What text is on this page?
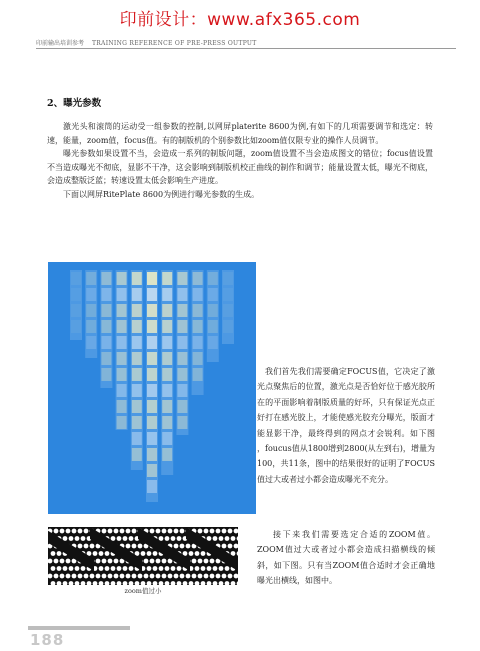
印前设计：www.afx365.com
印前输出培训参考 TRAINING REFERENCE OF PRE-PRESS OUTPUT
2、曝光参数

激光头和滚筒的运动受一组参数的控制,以网屏platerite 8600为例,有如下的几项需要调节和选定：转速，能量，zoom值，focus值。有的制版机的个别参数比如zoom值仅限专业的操作人员调节。

曝光参数如果设置不当，会造成一系列的制版问题，zoom值设置不当会造成图文的错位；focus值设置不当造成曝光不彻底，显影不干净，这会影响到制版机校正曲线的制作和调节；能量设置太低，曝光不彻底，会造成整版泛蓝；转速设置太低会影响生产进度。

下面以网屏RitePlate 8600为例进行曝光参数的生成。

我们首先我们需要确定FOCUS值，它决定了激光点聚焦后的位置，激光点是否恰好位于感光胶所在的平面影响着制版质量的好坏，只有保证光点正好打在感光胶上，才能使感光胶充分曝光，版面才能显影干净，最终得到的网点才会锐利。如下图 ，foucus值从1800增到2800(从左到右)，增量为100，共11条，图中的结果很好的证明了FOCUS值过大或者过小都会造成曝光不充分。

zoom值过小

接下来我们需要选定合适的ZOOM值。ZOOM值过大或者过小都会造成扫描横线的倾斜，如下图。只有当ZOOM值合适时才会正确地曝光出横线，如图中。

188
